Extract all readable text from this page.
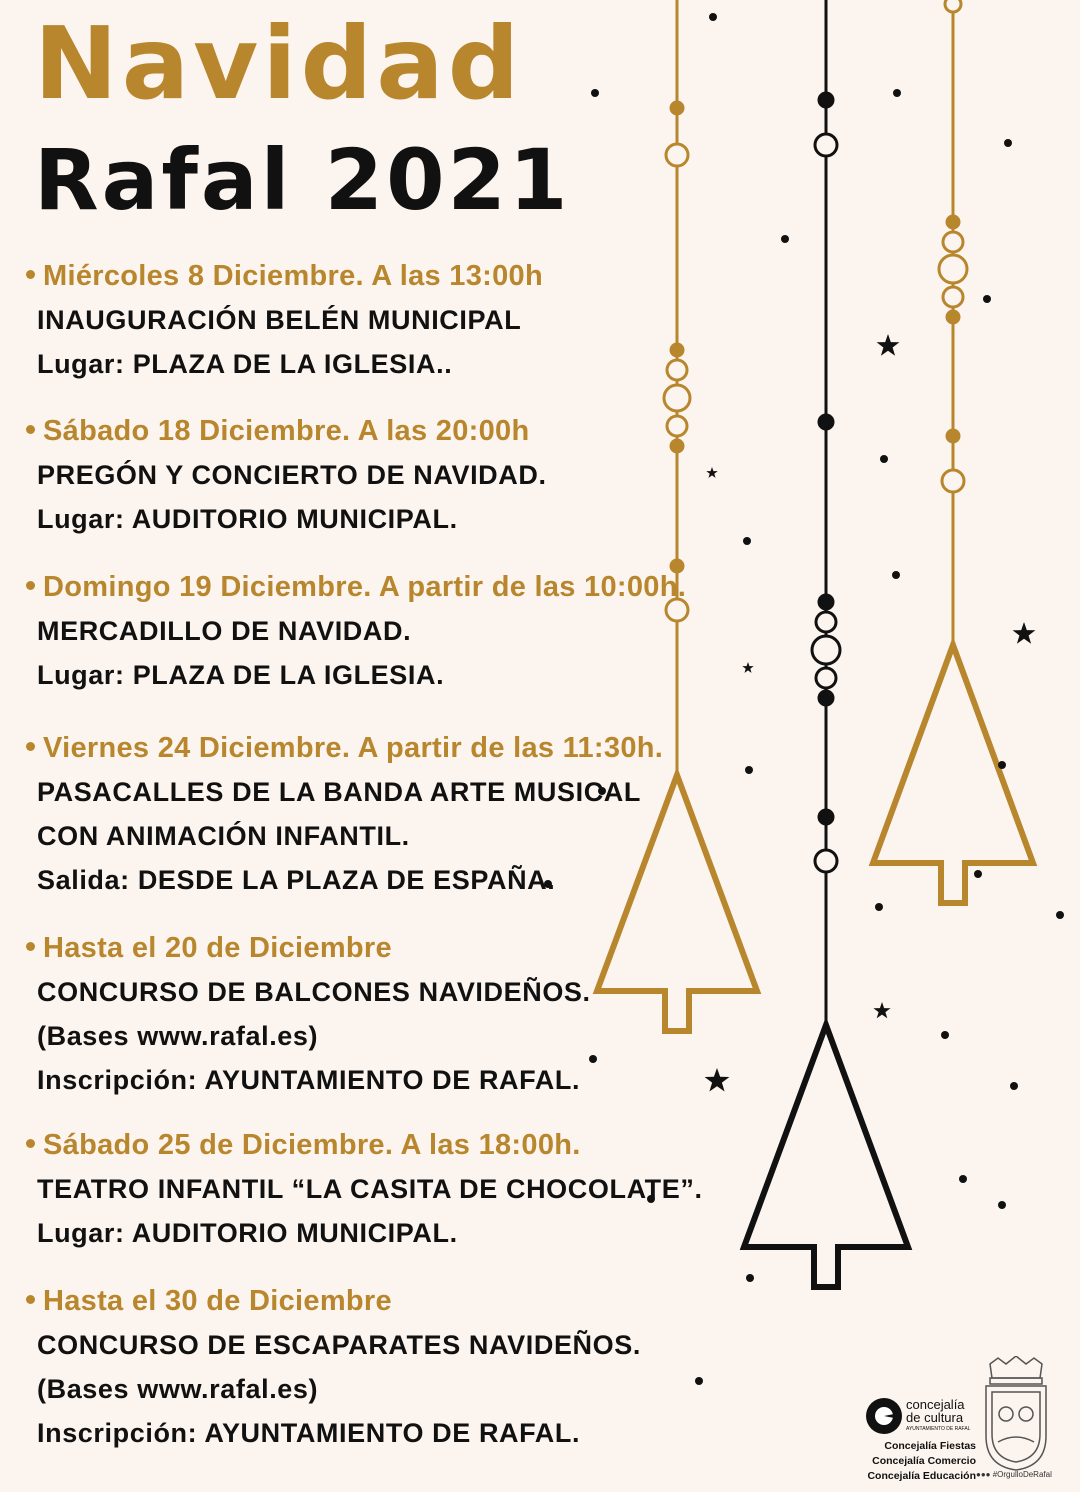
Navidad
Rafal 2021
Miércoles 8 Diciembre. A las 13:00h
INAUGURACIÓN BELÉN MUNICIPAL
Lugar: PLAZA DE LA IGLESIA..
Sábado 18 Diciembre. A las 20:00h
PREGÓN Y CONCIERTO DE NAVIDAD.
Lugar: AUDITORIO MUNICIPAL.
Domingo 19 Diciembre. A partir de las 10:00h.
MERCADILLO DE NAVIDAD.
Lugar: PLAZA DE LA IGLESIA.
Viernes 24 Diciembre. A partir de las 11:30h.
PASACALLES DE LA BANDA ARTE MUSICAL
CON ANIMACIÓN INFANTIL.
Salida: DESDE LA PLAZA DE ESPAÑA.
Hasta el 20 de Diciembre
CONCURSO DE BALCONES NAVIDEÑOS.
(Bases www.rafal.es)
Inscripción: AYUNTAMIENTO DE RAFAL.
Sábado 25 de Diciembre. A las 18:00h.
TEATRO INFANTIL “LA CASITA DE CHOCOLATE”.
Lugar: AUDITORIO MUNICIPAL.
Hasta el 30 de Diciembre
CONCURSO DE ESCAPARATES NAVIDEÑOS.
(Bases www.rafal.es)
Inscripción: AYUNTAMIENTO DE RAFAL.
concejalía
de cultura
AYUNTAMIENTO DE RAFAL
Concejalía Fiestas
Concejalía Comercio
Concejalía Educación ●●● #OrgulloDeRafal
